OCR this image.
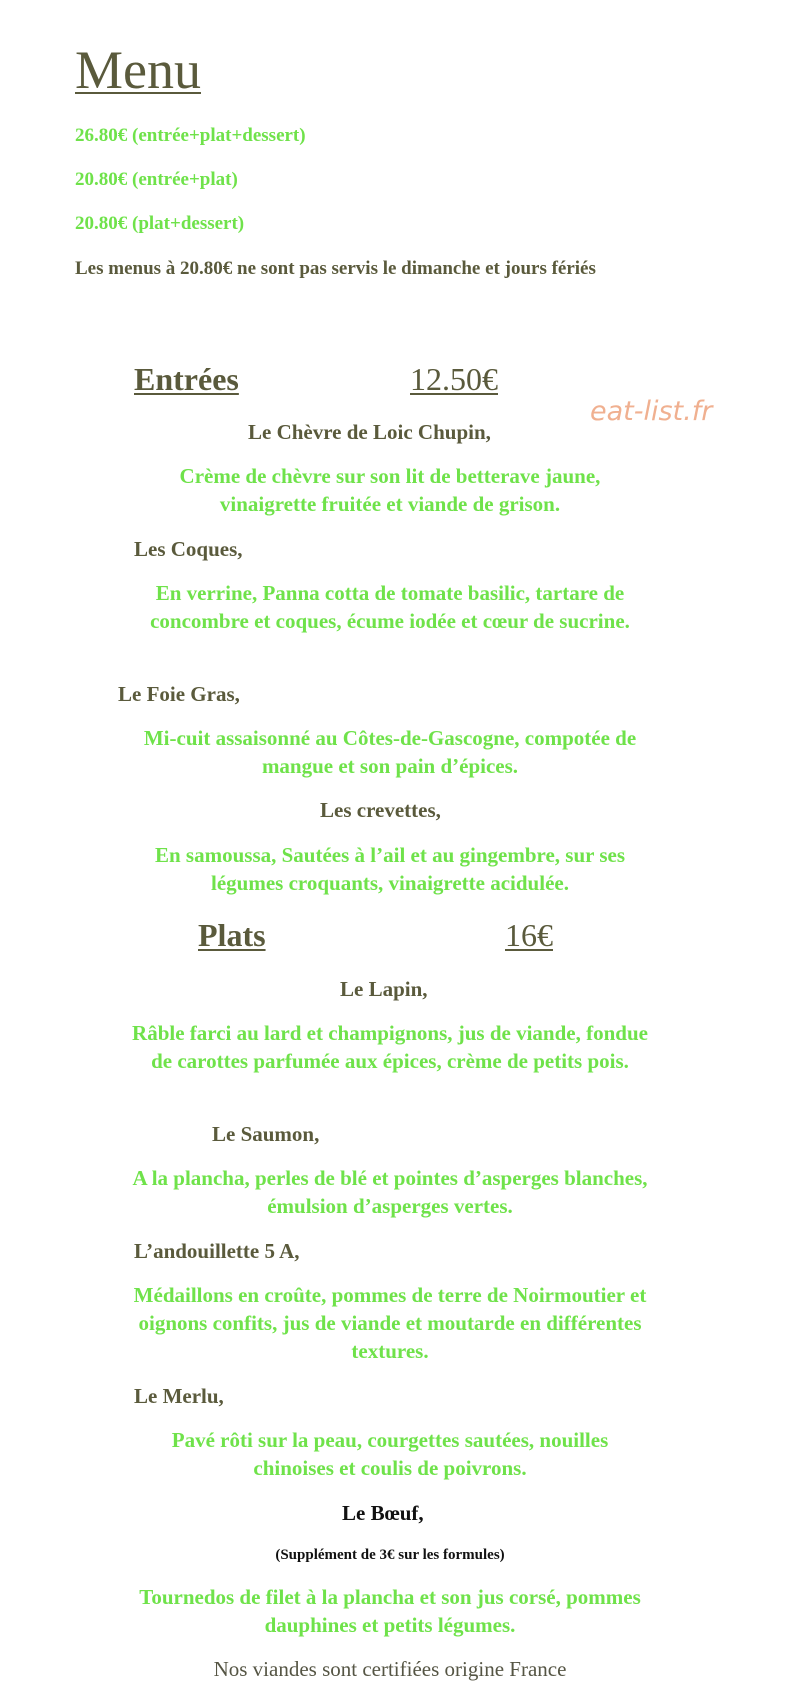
Menu
26.80€ (entrée+plat+dessert)
20.80€ (entrée+plat)
20.80€ (plat+dessert)
Les menus à 20.80€ ne sont pas servis le dimanche et jours fériés
eat-list.fr
Entrées	12.50€
Le Chèvre de Loic Chupin,
Crème de chèvre sur son lit de betterave jaune, vinaigrette fruitée et viande de grison.
Les Coques,
En verrine, Panna cotta de tomate basilic, tartare de concombre et coques, écume iodée et cœur de sucrine.
Le Foie Gras,
Mi-cuit assaisonné au Côtes-de-Gascogne, compotée de mangue et son pain d’épices.
Les crevettes,
En samoussa, Sautées à l’ail et au gingembre, sur ses légumes croquants, vinaigrette acidulée.
Plats	16€
Le Lapin,
Râble farci au lard et champignons, jus de viande, fondue de carottes parfumée aux épices, crème de petits pois.
Le Saumon,
A la plancha, perles de blé et pointes d’asperges blanches, émulsion d’asperges vertes.
L’andouillette 5 A,
Médaillons en croûte, pommes de terre de Noirmoutier et oignons confits, jus de viande et moutarde en différentes textures.
Le Merlu,
Pavé rôti sur la peau, courgettes sautées, nouilles chinoises et coulis de poivrons.
Le Bœuf,
(Supplément de 3€ sur les formules)
Tournedos de filet à la plancha et son jus corsé, pommes dauphines et petits légumes.
Nos viandes sont certifiées origine France
